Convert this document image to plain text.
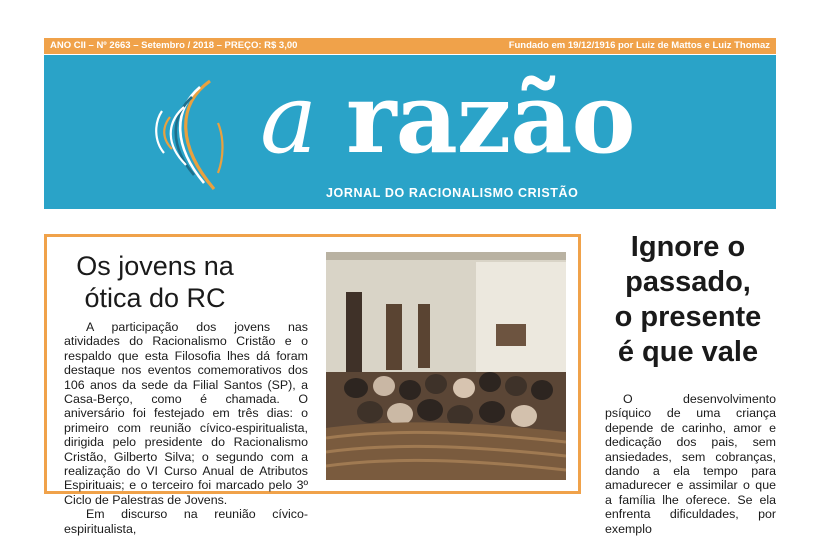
ANO CII – Nº 2663 – Setembro / 2018 – PREÇO: R$ 3,00	Fundado em 19/12/1916 por Luiz de Mattos e Luiz Thomaz
a razão
JORNAL DO RACIONALISMO CRISTÃO
Os jovens na
ótica do RC

A participação dos jovens nas atividades do Racionalismo Cristão e o respaldo que esta Filosofia lhes dá foram destaque nos eventos comemorativos dos 106 anos da sede da Filial Santos (SP), a Casa-Berço, como é chamada. O aniversário foi festejado em três dias: o primeiro com reunião cívico-espiritualista, dirigida pelo presidente do Racionalismo Cristão, Gilberto Silva; o segundo com a realização do VI Curso Anual de Atributos Espirituais; e o terceiro foi marcado pelo 3º Ciclo de Palestras de Jovens.

Em discurso na reunião cívico-espiritualista,

Ignore o
passado,
o presente
é que vale

O desenvolvimento psíquico de uma criança depende de carinho, amor e dedicação dos pais, sem ansiedades, sem cobranças, dando a ela tempo para amadurecer e assimilar o que a família lhe oferece. Se ela enfrenta dificuldades, por exemplo
